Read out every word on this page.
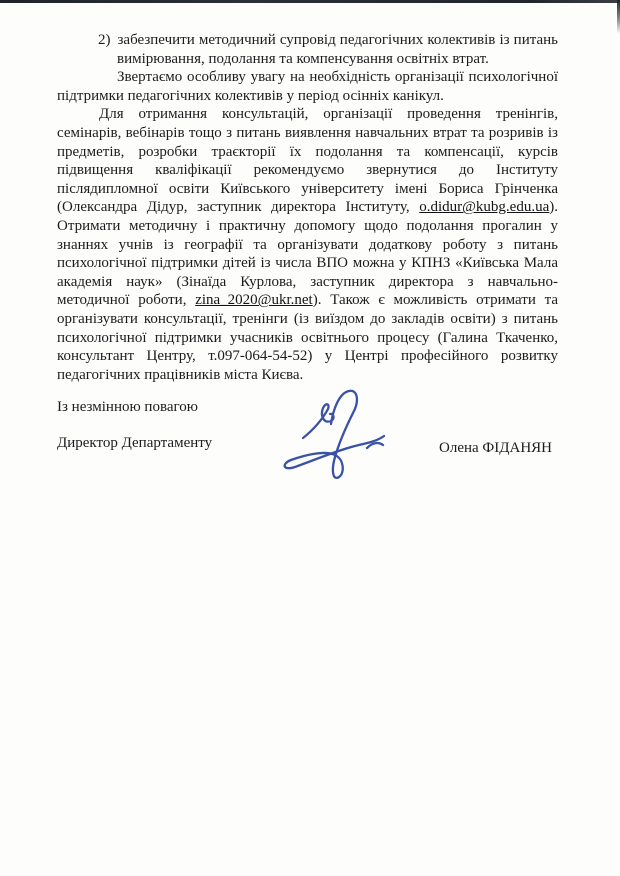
2) забезпечити методичний супровід педагогічних колективів із питань вимірювання, подолання та компенсування освітніх втрат.

Звертаємо особливу увагу на необхідність організації психологічної підтримки педагогічних колективів у період осінніх канікул.

Для отримання консультацій, організації проведення тренінгів, семінарів, вебінарів тощо з питань виявлення навчальних втрат та розривів із предметів, розробки траєкторії їх подолання та компенсації, курсів підвищення кваліфікації рекомендуємо звернутися до Інституту післядипломної освіти Київського університету імені Бориса Грінченка (Олександра Дідур, заступник директора Інституту, o.didur@kubg.edu.ua). Отримати методичну і практичну допомогу щодо подолання прогалин у знаннях учнів із географії та організувати додаткову роботу з питань психологічної підтримки дітей із числа ВПО можна у КПНЗ «Київська Мала академія наук» (Зінаїда Курлова, заступник директора з навчально-методичної роботи, zina_2020@ukr.net). Також є можливість отримати та організувати консультації, тренінги (із виїздом до закладів освіти) з питань психологічної підтримки учасників освітнього процесу (Галина Ткаченко, консультант Центру, т.097-064-54-52) у Центрі професійного розвитку педагогічних працівників міста Києва.

Із незмінною повагою

Директор Департаменту	Олена ФІДАНЯН
